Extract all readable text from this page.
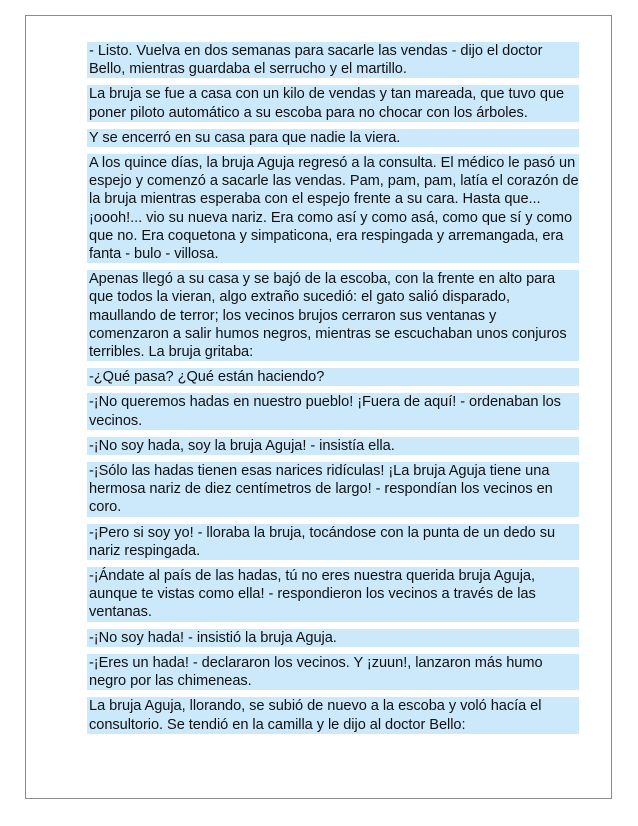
- Listo. Vuelva en dos semanas para sacarle las vendas - dijo el doctor Bello, mientras guardaba el serrucho y el martillo.

La bruja se fue a casa con un kilo de vendas y tan mareada, que tuvo que poner piloto automático a su escoba para no chocar con los árboles.

Y se encerró en su casa para que nadie la viera.

A los quince días, la bruja Aguja regresó a la consulta. El médico le pasó un espejo y comenzó a sacarle las vendas. Pam, pam, pam, latía el corazón de la bruja mientras esperaba con el espejo frente a su cara. Hasta que... ¡oooh!... vio su nueva nariz. Era como así y como asá, como que sí y como que no. Era coquetona y simpaticona, era respingada y arremangada, era fanta - bulo - villosa.

Apenas llegó a su casa y se bajó de la escoba, con la frente en alto para que todos la vieran, algo extraño sucedió: el gato salió disparado, maullando de terror; los vecinos brujos cerraron sus ventanas y comenzaron a salir humos negros, mientras se escuchaban unos conjuros terribles. La bruja gritaba:

-¿Qué pasa? ¿Qué están haciendo?

-¡No queremos hadas en nuestro pueblo! ¡Fuera de aquí! - ordenaban los vecinos.

-¡No soy hada, soy la bruja Aguja! - insistía ella.

-¡Sólo las hadas tienen esas narices ridículas! ¡La bruja Aguja tiene una hermosa nariz de diez centímetros de largo! - respondían los vecinos en coro.

-¡Pero si soy yo! - lloraba la bruja, tocándose con la punta de un dedo su nariz respingada.

-¡Ándate al país de las hadas, tú no eres nuestra querida bruja Aguja, aunque te vistas como ella! - respondieron los vecinos a través de las ventanas.

-¡No soy hada! - insistió la bruja Aguja.

-¡Eres un hada! - declararon los vecinos. Y ¡zuun!, lanzaron más humo negro por las chimeneas.

La bruja Aguja, llorando, se subió de nuevo a la escoba y voló hacía el consultorio. Se tendió en la camilla y le dijo al doctor Bello:
